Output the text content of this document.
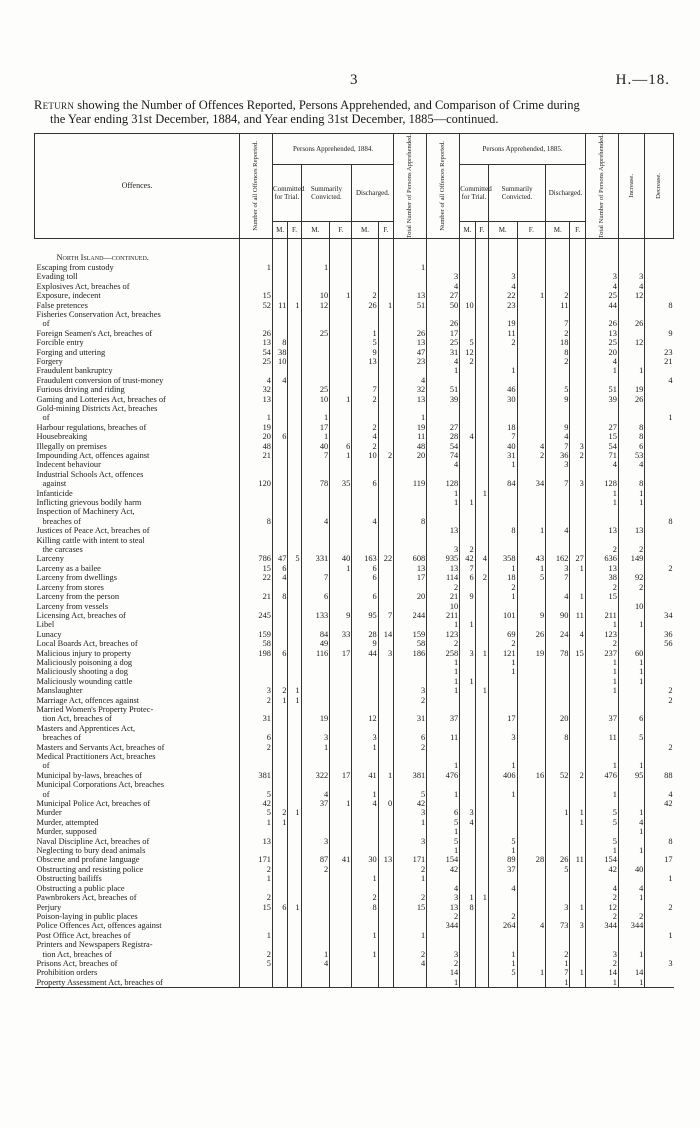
3	H.—18.
Return showing the Number of Offences Reported, Persons Apprehended, and Comparison of Crime during
the Year ending 31st December, 1884, and Year ending 31st December, 1885—continued.
Offences.	Number of all Offences Reported.	Persons Apprehended, 1884.						Total Number of Persons Apprehended.	Number of all Offences Reported.	Persons Apprehended, 1885.						Total Number of Persons Apprehended.	Increase.	Decrease.

		Committed for Trial.		Summarily Convicted.		Discharged.				Committed for Trial.		Summarily Convicted.		Discharged.				
		M.	F.	M.	F.	M.	F.			M.	F.	M.	F.	M.	F.			

North Island—continued.																		
Escaping from custody	1			1				1										
Evading toll									3			3				3	3	
Explosives Act, breaches of									4			4				4	4	
Exposure, indecent	15			10	1	2		13	27			22	1	2		25	12	
False pretences	52	11	1	12		26	1	51	50	10		23		11		44		8
Fisheries Conservation Act, breaches																		
of									26			19		7		26	26	
Foreign Seamen's Act, breaches of	26			25		1		26	17			11		2		13		9
Forcible entry	13	8				5		13	25	5		2		18		25	12	
Forging and uttering	54	38				9		47	31	12				8		20		23
Forgery	25	10				13		23	4	2				2		4		21
Fraudulent bankruptcy									1			1				1	1	
Fraudulent conversion of trust-money	4	4						4										4
Furious driving and riding	32			25		7		32	51			46		5		51	19	
Gaming and Lotteries Act, breaches of	13			10	1	2		13	39			30		9		39	26	
Gold-mining Districts Act, breaches																		
of	1			1				1										1
Harbour regulations, breaches of	19			17		2		19	27			18		9		27	8	
Housebreaking	20	6		1		4		11	28	4		7		4		15	8	
Illegally on premises	48			40	6	2		48	54			40	4	7	3	54	6	
Impounding Act, offences against	21			7	1	10	2	20	74			31	2	36	2	71	53	
Indecent behaviour									4			1		3		4	4	
Industrial Schools Act, offences																		
against	120			78	35	6		119	128			84	34	7	3	128	8	
Infanticide									1		1					1	1	
Inflicting grievous bodily harm									1	1						1	1	
Inspection of Machinery Act,																		
breaches of	8			4		4		8										8
Justices of Peace Act, breaches of									13			8	1	4		13	13	
Killing cattle with intent to steal																		
the carcases									3	2						2	2	
Larceny	786	47	5	331	40	163	22	608	935	42	4	358	43	162	27	636	149	
Larceny as a bailee	15	6			1	6		13	13	7		1	1	3	1	13		2
Larceny from dwellings	22	4		7		6		17	114	6	2	18	5	7		38	92	
Larceny from stores									2			2				2	2	
Larceny from the person	21	8		6		6		20	21	9		1		4	1	15		
Larceny from vessels									10								10	
Licensing Act, breaches of	245			133	9	95	7	244	211			101	9	90	11	211		34
Libel									1	1						1	1	
Lunacy	159			84	33	28	14	159	123			69	26	24	4	123		36
Local Boards Act, breaches of	58			49		9		58	2			2				2		56
Malicious injury to property	198	6		116	17	44	3	186	258	3	1	121	19	78	15	237	60	
Maliciously poisoning a dog									1			1				1	1	
Maliciously shooting a dog									1			1				1	1	
Maliciously wounding cattle									1	1						1	1	
Manslaughter	3	2	1					3	1		1					1		2
Marriage Act, offences against	2	1	1					2										2
Married Women's Property Protec-																		
tion Act, breaches of	31			19		12		31	37			17		20		37	6	
Masters and Apprentices Act,																		
breaches of	6			3		3		6	11			3		8		11	5	
Masters and Servants Act, breaches of	2			1		1		2										2
Medical Practitioners Act, breaches																		
of									1			1				1	1	
Municipal by-laws, breaches of	381			322	17	41	1	381	476			406	16	52	2	476	95	88
Municipal Corporations Act, breaches																		
of	5			4		1		5	1			1				1		4
Municipal Police Act, breaches of	42			37	1	4	0	42										42
Murder	5	2	1					3	6	3				1	1	5	1	
Murder, attempted	1	1						1	5	4					1	5	4	
Murder, supposed									1								1	
Naval Discipline Act, breaches of	13			3				3	5			5				5		8
Neglecting to bury dead animals									1			1				1	1	
Obscene and profane language	171			87	41	30	13	171	154			89	28	26	11	154		17
Obstructing and resisting police	2			2				2	42			37		5		42	40	
Obstructing bailiffs	1					1		1										1
Obstructing a public place									4			4				4	4	
Pawnbrokers Act, breaches of	2					2		2	3	1	1					2	1	
Perjury	15	6	1			8		15	13	8				3	1	12		2
Poison-laying in public places									2			2				2	2	
Police Offences Act, offences against									344			264	4	73	3	344	344	
Post Office Act, breaches of	1					1		1										1
Printers and Newspapers Registra-																		
tion Act, breaches of	2			1		1		2	3			1		2		3	1	
Prisons Act, breaches of	5			4				4	2			1		1		2		3
Prohibition orders									14			5	1	7	1	14	14	
Property Assessment Act, breaches of									1					1		1	1	
